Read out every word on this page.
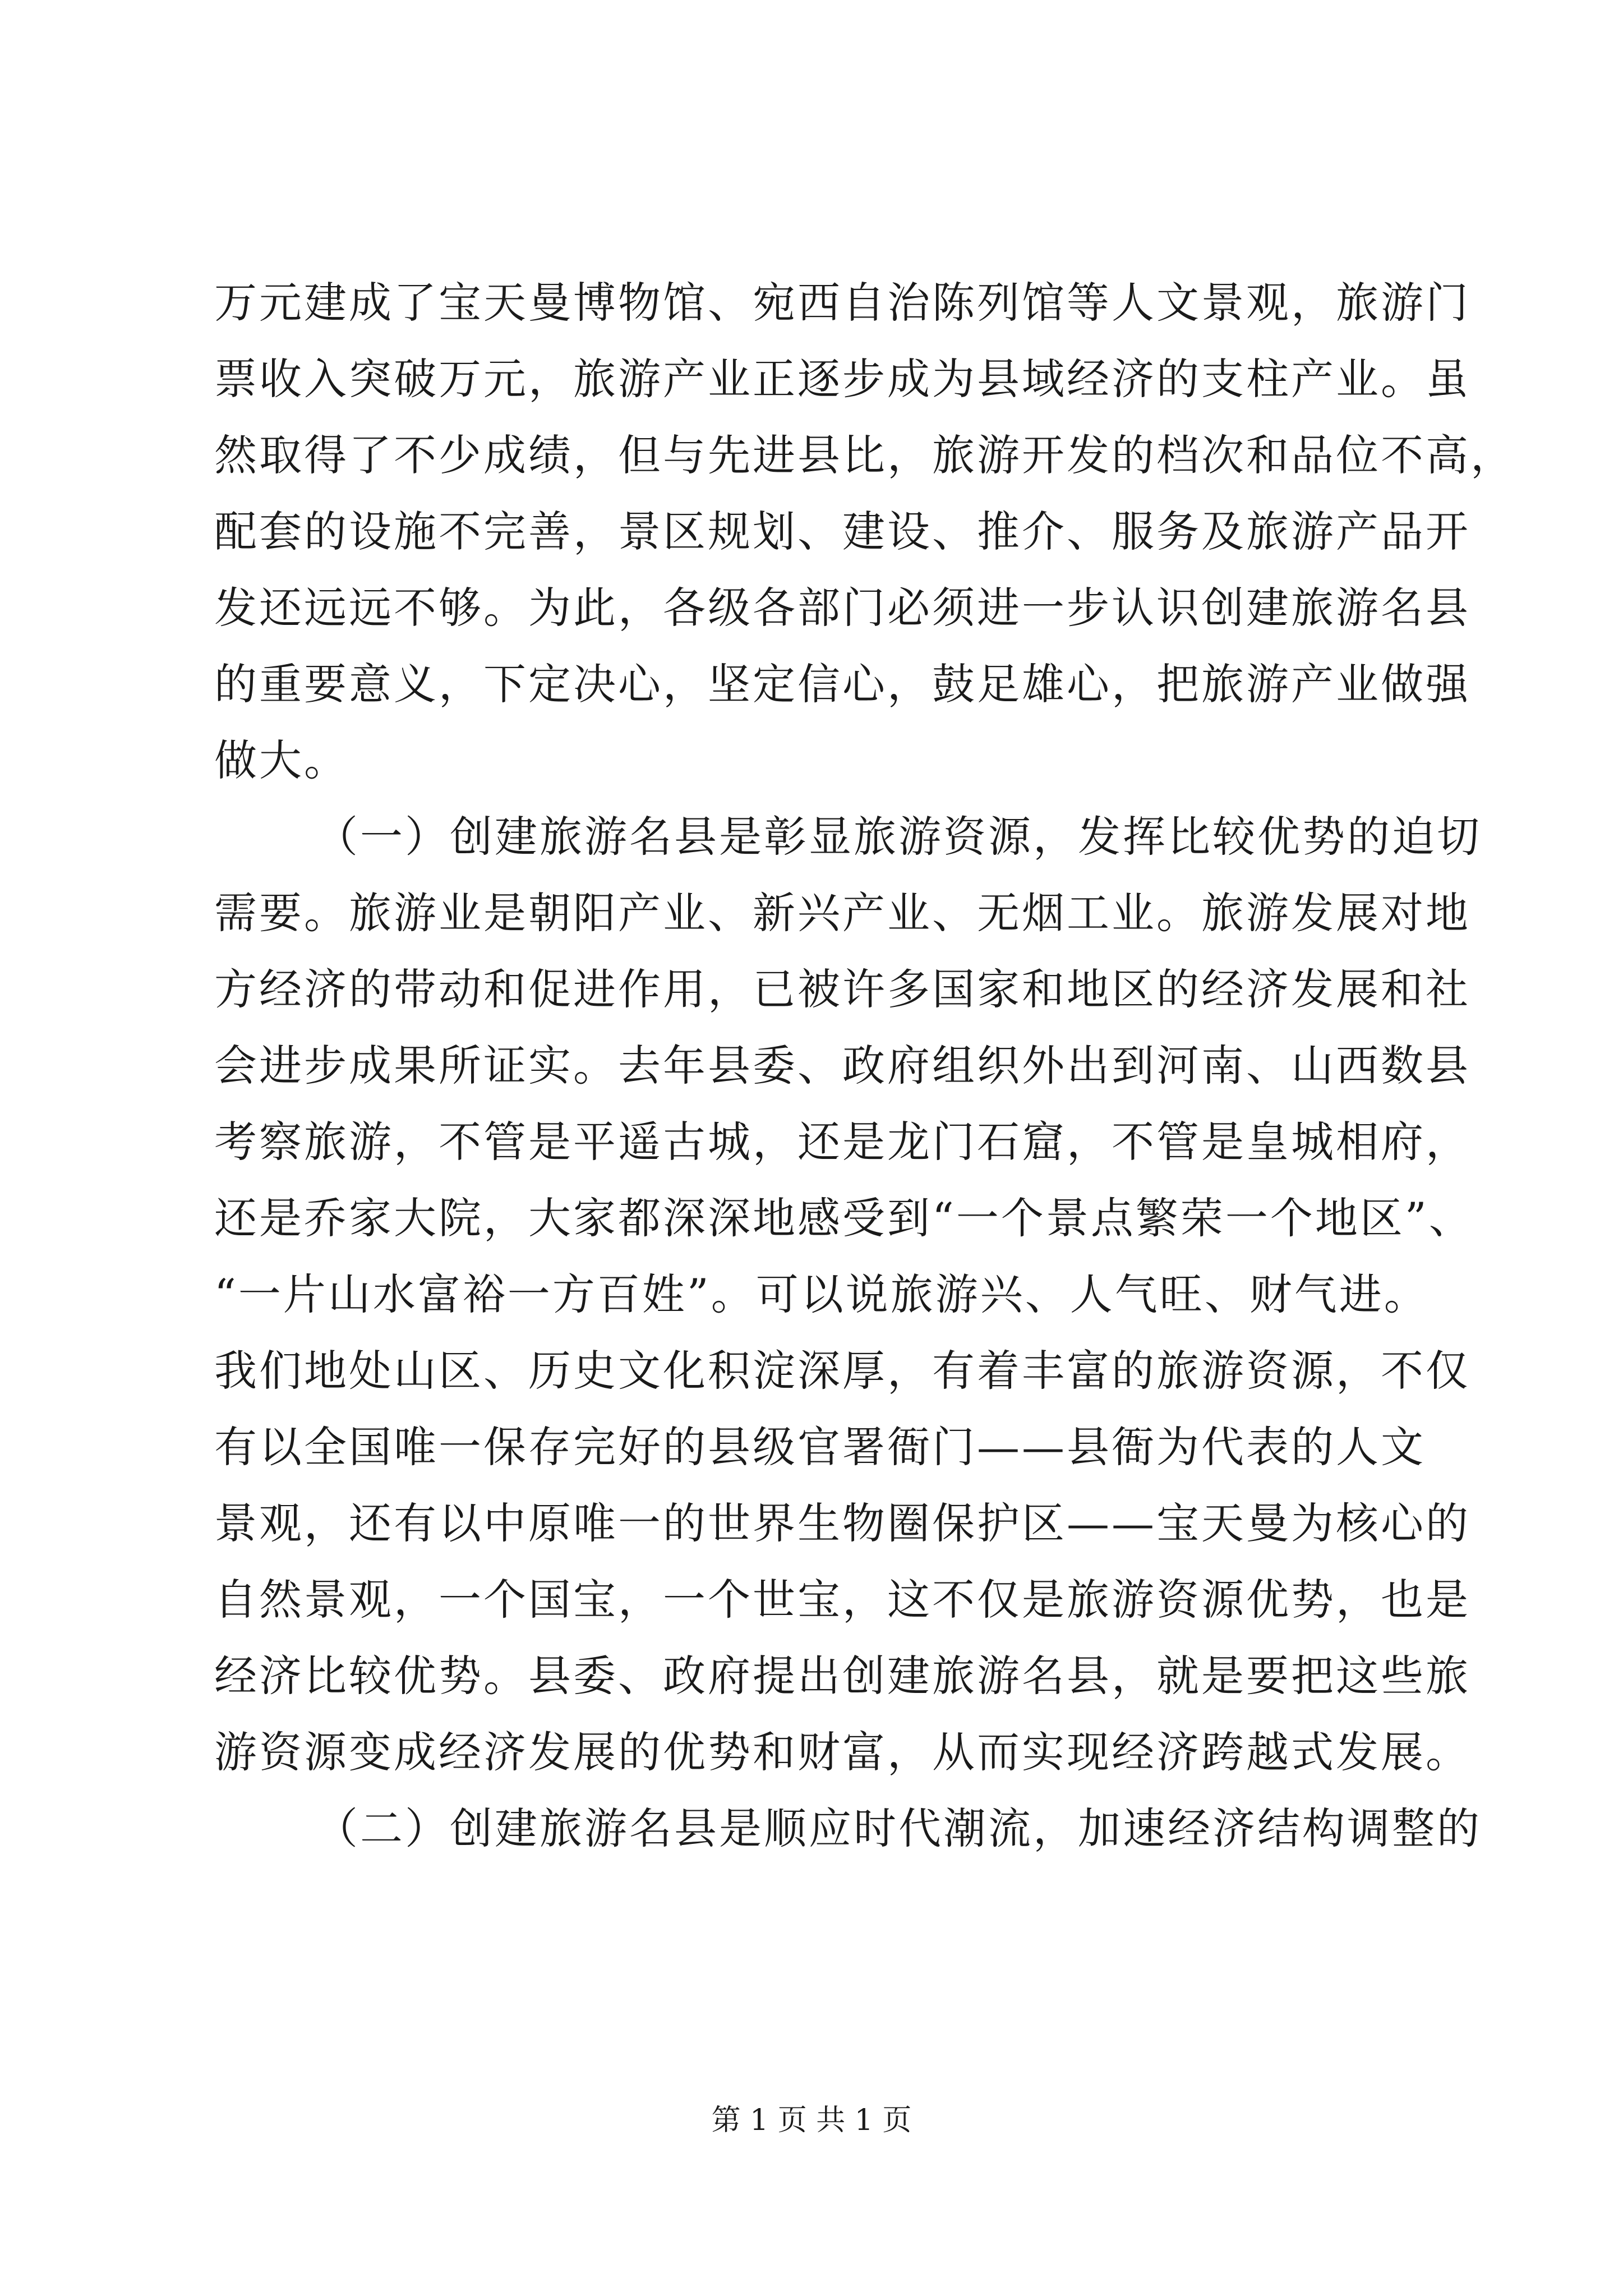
万元建成了宝天曼博物馆、宛西自治陈列馆等人文景观，旅游门
票收入突破万元，旅游产业正逐步成为县域经济的支柱产业。虽
然取得了不少成绩，但与先进县比，旅游开发的档次和品位不高，
配套的设施不完善，景区规划、建设、推介、服务及旅游产品开
发还远远不够。为此，各级各部门必须进一步认识创建旅游名县
的重要意义，下定决心，坚定信心，鼓足雄心，把旅游产业做强
做大。
（一）创建旅游名县是彰显旅游资源，发挥比较优势的迫切
需要。旅游业是朝阳产业、新兴产业、无烟工业。旅游发展对地
方经济的带动和促进作用，已被许多国家和地区的经济发展和社
会进步成果所证实。去年县委、政府组织外出到河南、山西数县
考察旅游，不管是平遥古城，还是龙门石窟，不管是皇城相府，
还是乔家大院，大家都深深地感受到“一个景点繁荣一个地区”、
“一片山水富裕一方百姓”。可以说旅游兴、人气旺、财气进。
我们地处山区、历史文化积淀深厚，有着丰富的旅游资源，不仅
有以全国唯一保存完好的县级官署衙门——县衙为代表的人文
景观，还有以中原唯一的世界生物圈保护区——宝天曼为核心的
自然景观，一个国宝，一个世宝，这不仅是旅游资源优势，也是
经济比较优势。县委、政府提出创建旅游名县，就是要把这些旅
游资源变成经济发展的优势和财富，从而实现经济跨越式发展。
（二）创建旅游名县是顺应时代潮流，加速经济结构调整的
第 1 页 共 1 页
